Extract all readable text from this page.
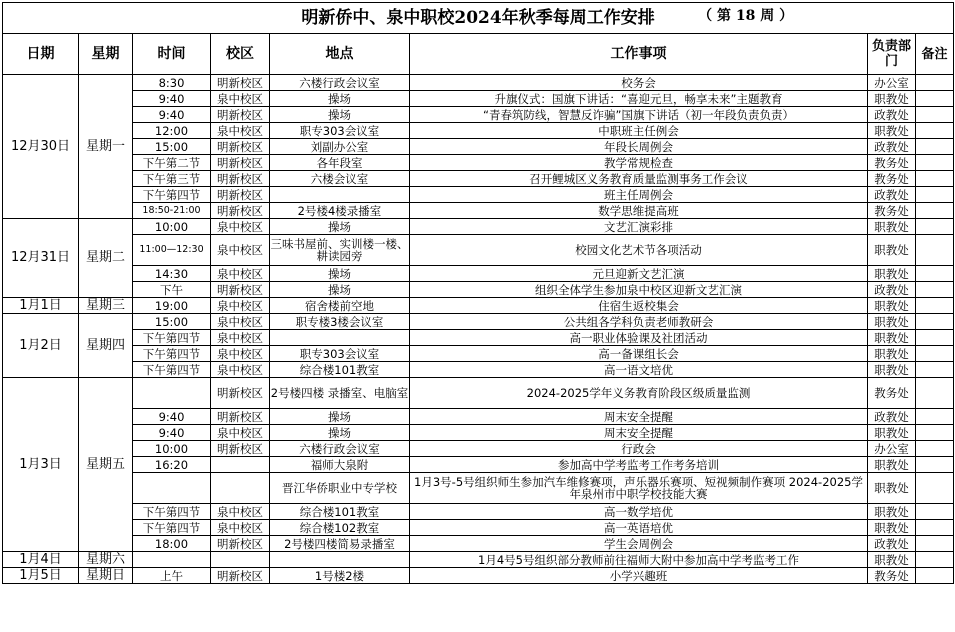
明新侨中、泉中职校2024年秋季每周工作安排 （ 第 18 周 ）							

日期	星期	时间	校区	地点	工作事项	负责部门	备注
12月30日	星期一	8:30	明新校区	六楼行政会议室	校务会	办公室	
		9:40	泉中校区	操场	升旗仪式：国旗下讲话：“喜迎元旦，畅享未来”主题教育	职教处	
		9:40	明新校区	操场	“青春筑防线，智慧反诈骗”国旗下讲话（初一年段负责负责）	政教处	
		12:00	泉中校区	职专303会议室	中职班主任例会	职教处	
		15:00	明新校区	刘副办公室	年段长周例会	政教处	
		下午第二节	明新校区	各年段室	教学常规检查	教务处	
		下午第三节	明新校区	六楼会议室	召开鲤城区义务教育质量监测事务工作会议	教务处	
		下午第四节	明新校区		班主任周例会	政教处	
		18:50-21:00	明新校区	2号楼4楼录播室	数学思维提高班	教务处	
12月31日	星期二	10:00	泉中校区	操场	文艺汇演彩排	职教处	
		11:00—12:30	泉中校区	三味书屋前、实训楼一楼、耕读园旁	校园文化艺术节各项活动	职教处	
		14:30	泉中校区	操场	元旦迎新文艺汇演	职教处	
		下午	明新校区	操场	组织全体学生参加泉中校区迎新文艺汇演	政教处	
1月1日	星期三	19:00	泉中校区	宿舍楼前空地	住宿生返校集会	职教处	
1月2日	星期四	15:00	泉中校区	职专楼3楼会议室	公共组各学科负责老师教研会	职教处	
		下午第四节	泉中校区		高一职业体验课及社团活动	职教处	
		下午第四节	泉中校区	职专303会议室	高一备课组长会	职教处	
		下午第四节	泉中校区	综合楼101教室	高一语文培优	职教处	
1月3日	星期五		明新校区	2号楼四楼 录播室、电脑室	2024-2025学年义务教育阶段区级质量监测	教务处	
		9:40	明新校区	操场	周末安全提醒	政教处	
		9:40	泉中校区	操场	周末安全提醒	职教处	
		10:00	明新校区	六楼行政会议室	行政会	办公室	
		16:20		福师大泉附	参加高中学考监考工作考务培训	职教处	
				晋江华侨职业中专学校	1月3号-5号组织师生参加汽车维修赛项，声乐器乐赛项、短视频制作赛项 2024-2025学年泉州市中职学校技能大赛	职教处	
		下午第四节	泉中校区	综合楼101教室	高一数学培优	职教处	
		下午第四节	泉中校区	综合楼102教室	高一英语培优	职教处	
		18:00	明新校区	2号楼四楼简易录播室	学生会周例会	政教处	
1月4日	星期六				1月4号5号组织部分教师前往福师大附中参加高中学考监考工作	职教处	
1月5日	星期日	上午	明新校区	1号楼2楼	小学兴趣班	教务处	
